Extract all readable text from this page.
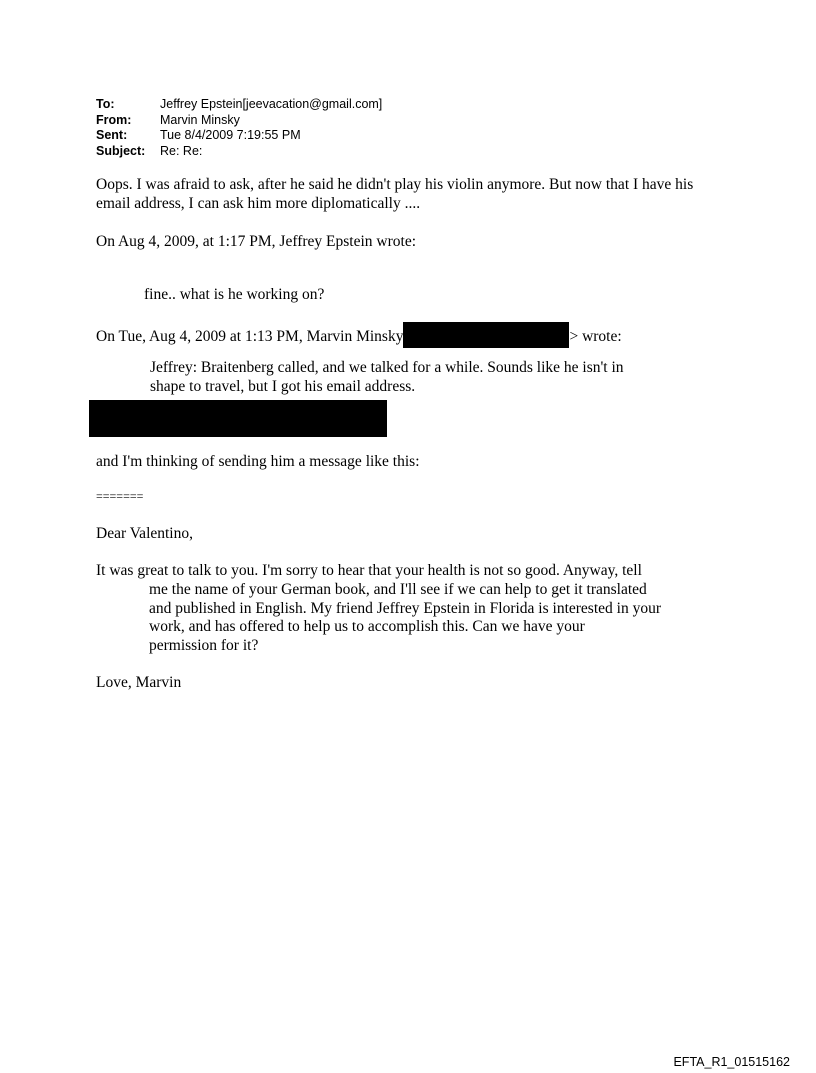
To:	Jeffrey Epstein[jeevacation@gmail.com]
From:	Marvin Minsky
Sent:	Tue 8/4/2009 7:19:55 PM
Subject:	Re: Re:
Oops. I was afraid to ask, after he said he didn't play his violin anymore. But now that I have his
email address, I can ask him more diplomatically ....
On Aug 4, 2009, at 1:17 PM, Jeffrey Epstein wrote:
fine.. what is he working on?
On Tue, Aug 4, 2009 at 1:13 PM, Marvin Minsky	> wrote:
Jeffrey: Braitenberg called, and we talked for a while. Sounds like he isn't in
shape to travel, but I got his email address.
and I'm thinking of sending him a message like this:
=======
Dear Valentino,
It was great to talk to you. I'm sorry to hear that your health is not so good. Anyway, tell
me the name of your German book, and I'll see if we can help to get it translated
and published in English. My friend Jeffrey Epstein in Florida is interested in your
work, and has offered to help us to accomplish this. Can we have your
permission for it?
Love, Marvin
EFTA_R1_01515162
